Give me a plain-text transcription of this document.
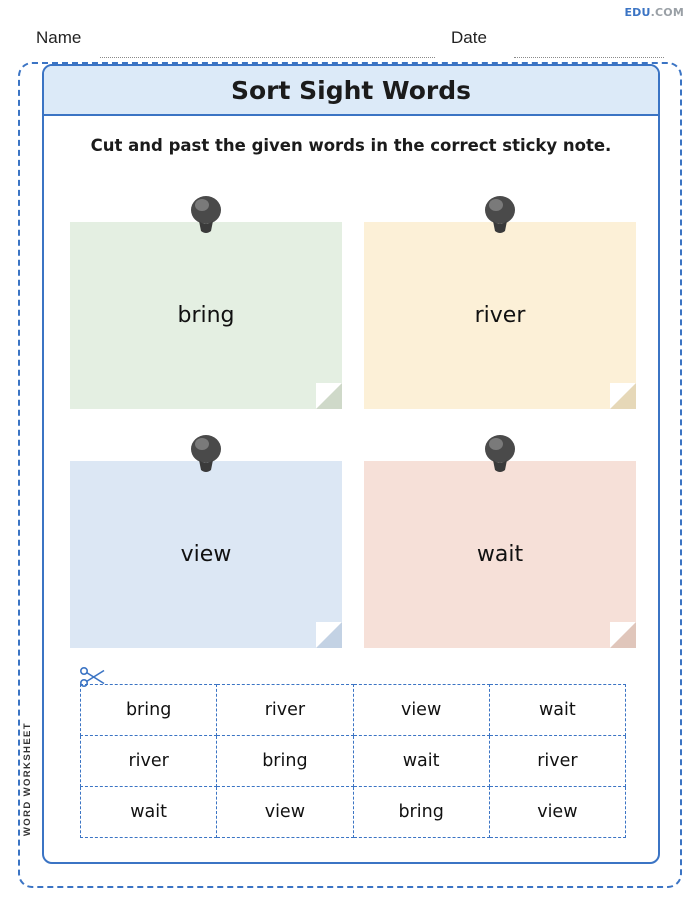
EDU.COM
Name	Date
WORD WORKSHEET
Sort Sight Words
Cut and past the given words in the correct sticky note.
bring	river
view	wait
bring	river	view	wait
river	bring	wait	river
wait	view	bring	view
